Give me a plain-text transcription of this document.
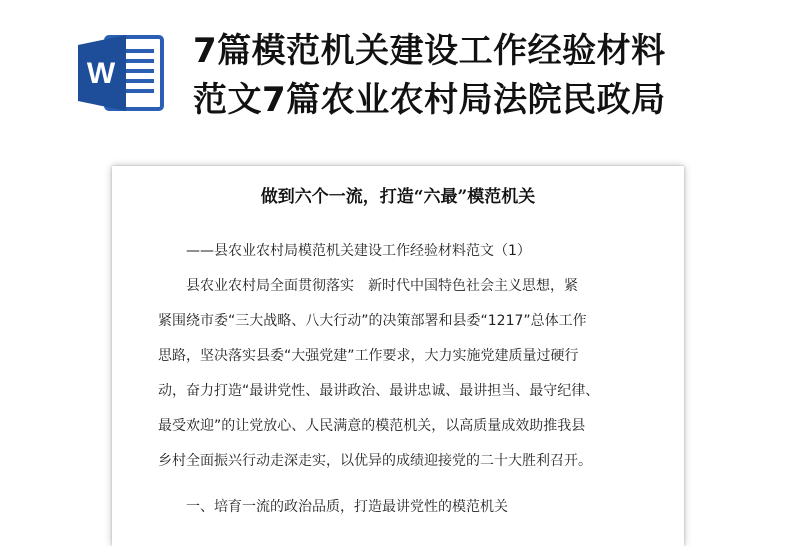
W
7篇模范机关建设工作经验材料
范文7篇农业农村局法院民政局
做到六个一流，打造“六最”模范机关

——县农业农村局模范机关建设工作经验材料范文（1）

县农业农村局全面贯彻落实　新时代中国特色社会主义思想，紧

紧围绕市委“三大战略、八大行动”的决策部署和县委“1217”总体工作

思路，坚决落实县委“大强党建”工作要求，大力实施党建质量过硬行

动，奋力打造“最讲党性、最讲政治、最讲忠诚、最讲担当、最守纪律、

最受欢迎”的让党放心、人民满意的模范机关，以高质量成效助推我县

乡村全面振兴行动走深走实，以优异的成绩迎接党的二十大胜利召开。

一、培育一流的政治品质，打造最讲党性的模范机关
